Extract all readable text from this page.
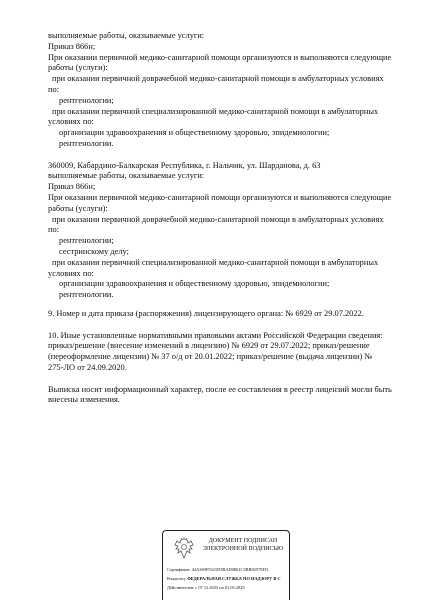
выполняемые работы, оказываемые услуги:
Приказ 866н;
При оказании первичной медико-санитарной помощи организуются и выполняются следующие
работы (услуги):
при оказании первичной доврачебной медико-санитарной помощи в амбулаторных условиях
по:
рентгенологии;
при оказании первичной специализированной медико-санитарной помощи в амбулаторных
условиях по:
организации здравоохранения и общественному здоровью, эпидемиологии;
рентгенологии.
360009, Кабардино-Балкарская Республика, г. Нальчик, ул. Шарданова, д. 63
выполняемые работы, оказываемые услуги:
Приказ 866н;
При оказании первичной медико-санитарной помощи организуются и выполняются следующие
работы (услуги):
при оказании первичной доврачебной медико-санитарной помощи в амбулаторных условиях
по:
рентгенологии;
сестринскому делу;
при оказании первичной специализированной медико-санитарной помощи в амбулаторных
условиях по:
организации здравоохранения и общественному здоровью, эпидемиологии;
рентгенологии.
9. Номер и дата приказа (распоряжения) лицензирующего органа: № 6929 от 29.07.2022.
10. Иные установленные нормативными правовыми актами Российской Федерации сведения:
приказ/решение (внесение изменений в лицензию) № 6929 от 29.07.2022; приказ/решение
(переоформление лицензии) № 37 о/д от 20.01.2022; приказ/решение (выдача лицензии) №
275-ЛО от 24.09.2020.
Выписка носит информационный характер, после ее составления в реестр лицензий могли быть
внесены изменения.
ДОКУМЕНТ ПОДПИСАН
ЭЛЕКТРОННОЙ ПОДПИСЬЮ
Сертификат: 44A369F5521D3BAD0861C3BB8257ED3
Владелец: ФЕДЕРАЛЬНАЯ СЛУЖБА ПО НАДЗОРУ В С
Действителен: с 07.12.2023 по 01.03.2025
